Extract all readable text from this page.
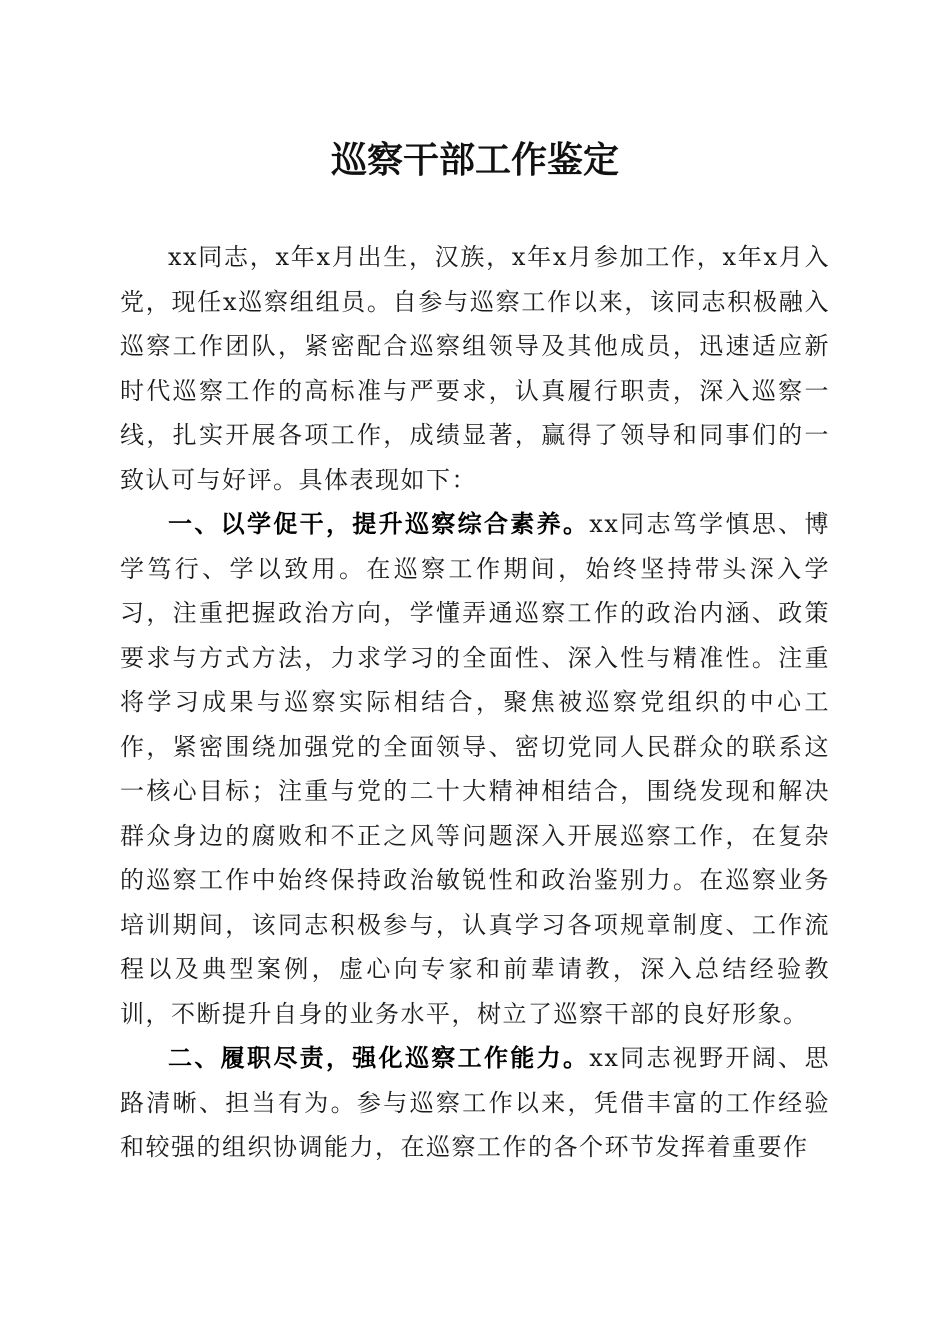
巡察干部工作鉴定

xx同志，x年x月出生，汉族，x年x月参加工作，x年x月入党，现任x巡察组组员。自参与巡察工作以来，该同志积极融入巡察工作团队，紧密配合巡察组领导及其他成员，迅速适应新时代巡察工作的高标准与严要求，认真履行职责，深入巡察一线，扎实开展各项工作，成绩显著，赢得了领导和同事们的一致认可与好评。具体表现如下：

一、以学促干，提升巡察综合素养。xx同志笃学慎思、博学笃行、学以致用。在巡察工作期间，始终坚持带头深入学习，注重把握政治方向，学懂弄通巡察工作的政治内涵、政策要求与方式方法，力求学习的全面性、深入性与精准性。注重将学习成果与巡察实际相结合，聚焦被巡察党组织的中心工作，紧密围绕加强党的全面领导、密切党同人民群众的联系这一核心目标；注重与党的二十大精神相结合，围绕发现和解决群众身边的腐败和不正之风等问题深入开展巡察工作，在复杂的巡察工作中始终保持政治敏锐性和政治鉴别力。在巡察业务培训期间，该同志积极参与，认真学习各项规章制度、工作流程以及典型案例，虚心向专家和前辈请教，深入总结经验教训，不断提升自身的业务水平，树立了巡察干部的良好形象。

二、履职尽责，强化巡察工作能力。xx同志视野开阔、思路清晰、担当有为。参与巡察工作以来，凭借丰富的工作经验和较强的组织协调能力，在巡察工作的各个环节发挥着重要作
